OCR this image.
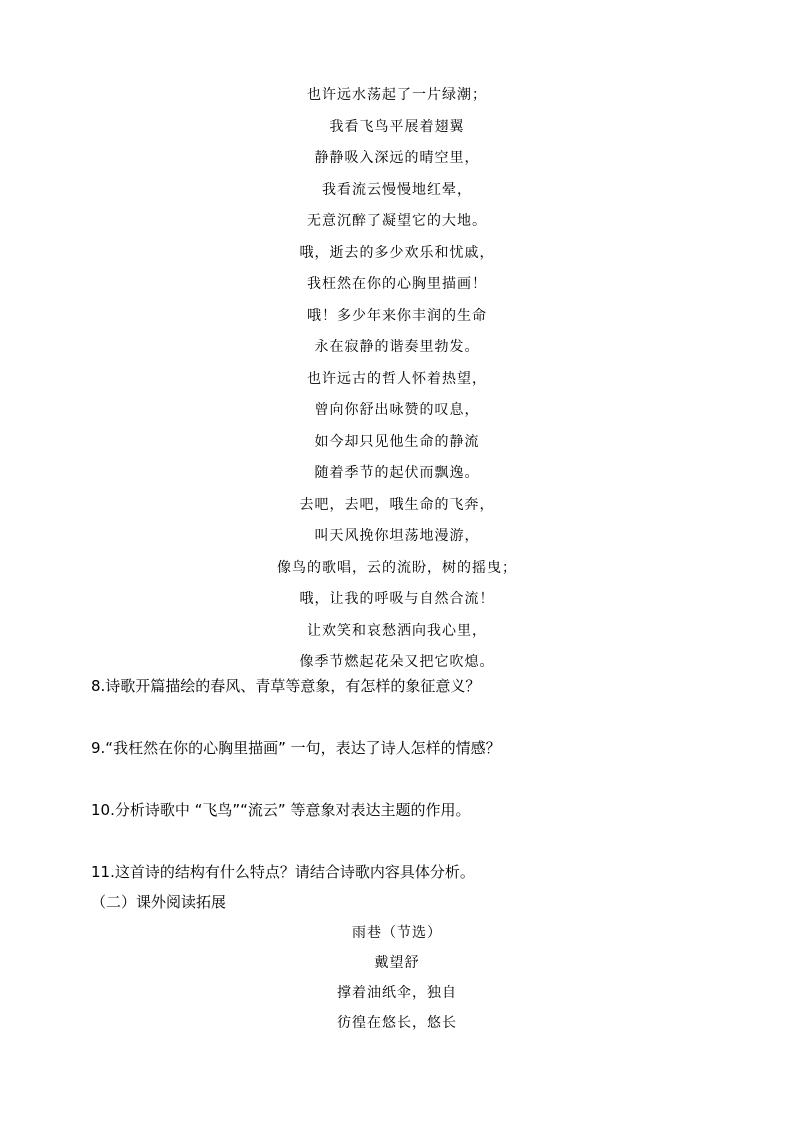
也许远水荡起了一片绿潮；
我看飞鸟平展着翅翼
静静吸入深远的晴空里，
我看流云慢慢地红晕，
无意沉醉了凝望它的大地。
哦，逝去的多少欢乐和忧戚，
我枉然在你的心胸里描画！
哦！多少年来你丰润的生命
永在寂静的谐奏里勃发。
也许远古的哲人怀着热望，
曾向你舒出咏赞的叹息，
如今却只见他生命的静流
随着季节的起伏而飘逸。
去吧，去吧，哦生命的飞奔，
叫天风挽你坦荡地漫游，
像鸟的歌唱，云的流盼，树的摇曳；
哦，让我的呼吸与自然合流！
让欢笑和哀愁洒向我心里，
像季节燃起花朵又把它吹熄。
8.诗歌开篇描绘的春风、青草等意象，有怎样的象征意义？
9.“我枉然在你的心胸里描画” 一句，表达了诗人怎样的情感？
10.分析诗歌中 “飞鸟”“流云” 等意象对表达主题的作用。
11.这首诗的结构有什么特点？请结合诗歌内容具体分析。
（二）课外阅读拓展
雨巷（节选）
戴望舒
撑着油纸伞，独自
彷徨在悠长，悠长
